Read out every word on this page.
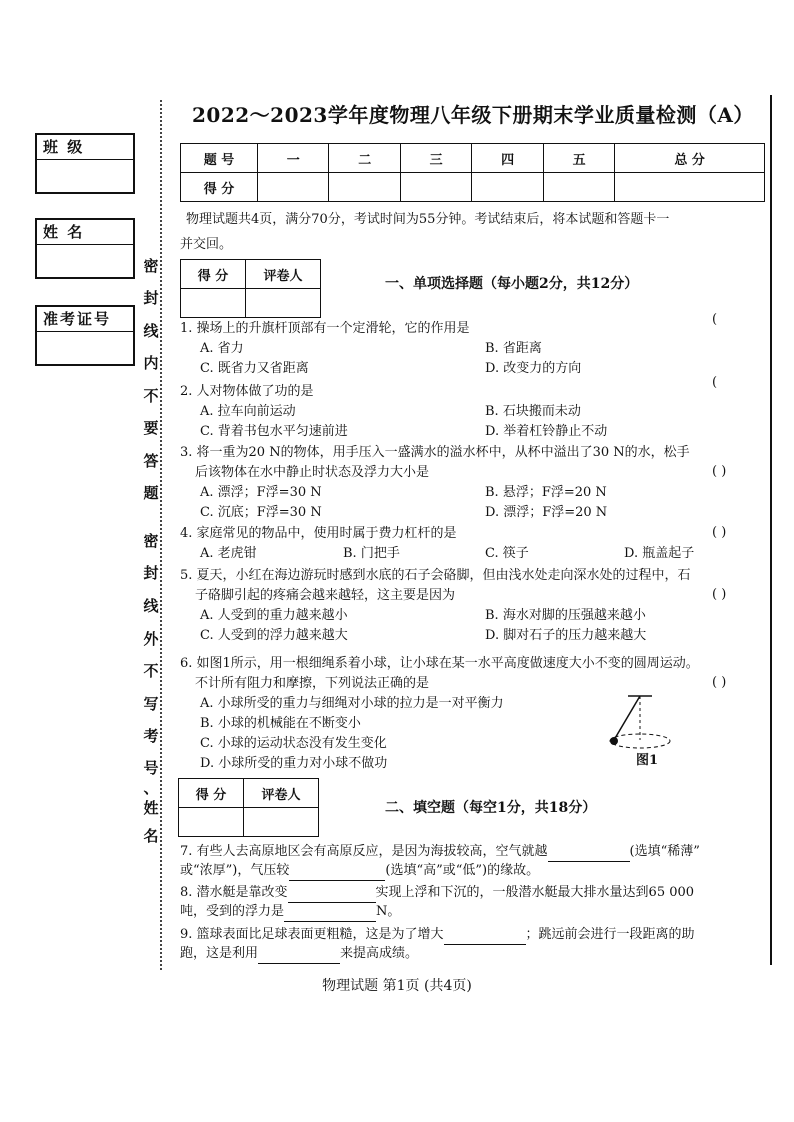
班 级
姓 名
准考证号
密
封
线
内
不
要
答
题
密
封
线
外
不
写
考
号
、
姓
名
2022～2023学年度物理八年级下册期末学业质量检测（A）
题 号	一	二	三	四	五	总 分
得 分						
物理试题共4页，满分70分，考试时间为55分钟。考试结束后，将本试题和答题卡一
并交回。
得 分	评卷人
		一、单项选择题（每小题2分，共12分）
1. 操场上的升旗杆顶部有一个定滑轮，它的作用是
(
A. 省力	B. 省距离
C. 既省力又省距离	D. 改变力的方向
2. 人对物体做了功的是
(
A. 拉车向前运动	B. 石块搬而未动
C. 背着书包水平匀速前进	D. 举着杠铃静止不动
3. 将一重为20 N的物体，用手压入一盛满水的溢水杯中，从杯中溢出了30 N的水，松手
后该物体在水中静止时状态及浮力大小是	( )
A. 漂浮；F浮=30 N	B. 悬浮；F浮=20 N
C. 沉底；F浮=30 N	D. 漂浮；F浮=20 N
4. 家庭常见的物品中，使用时属于费力杠杆的是	( )
A. 老虎钳	B. 门把手	C. 筷子	D. 瓶盖起子
5. 夏天，小红在海边游玩时感到水底的石子会硌脚，但由浅水处走向深水处的过程中，石
子硌脚引起的疼痛会越来越轻，这主要是因为	( )
A. 人受到的重力越来越小	B. 海水对脚的压强越来越小
C. 人受到的浮力越来越大	D. 脚对石子的压力越来越大
6. 如图1所示，用一根细绳系着小球，让小球在某一水平高度做速度大小不变的圆周运动。
不计所有阻力和摩擦，下列说法正确的是	( )
A. 小球所受的重力与细绳对小球的拉力是一对平衡力
B. 小球的机械能在不断变小
C. 小球的运动状态没有发生变化
D. 小球所受的重力对小球不做功	图1
得 分	评卷人

二、填空题（每空1分，共18分）
7. 有些人去高原地区会有高原反应，是因为海拔较高，空气就越	(选填“稀薄”
或“浓厚”)，气压较	(选填“高”或“低”)的缘故。
8. 潜水艇是靠改变	实现上浮和下沉的，一般潜水艇最大排水量达到65 000
吨，受到的浮力是	N。
9. 篮球表面比足球表面更粗糙，这是为了增大	；跳远前会进行一段距离的助
跑，这是利用	来提高成绩。
物理试题 第1页 (共4页)
